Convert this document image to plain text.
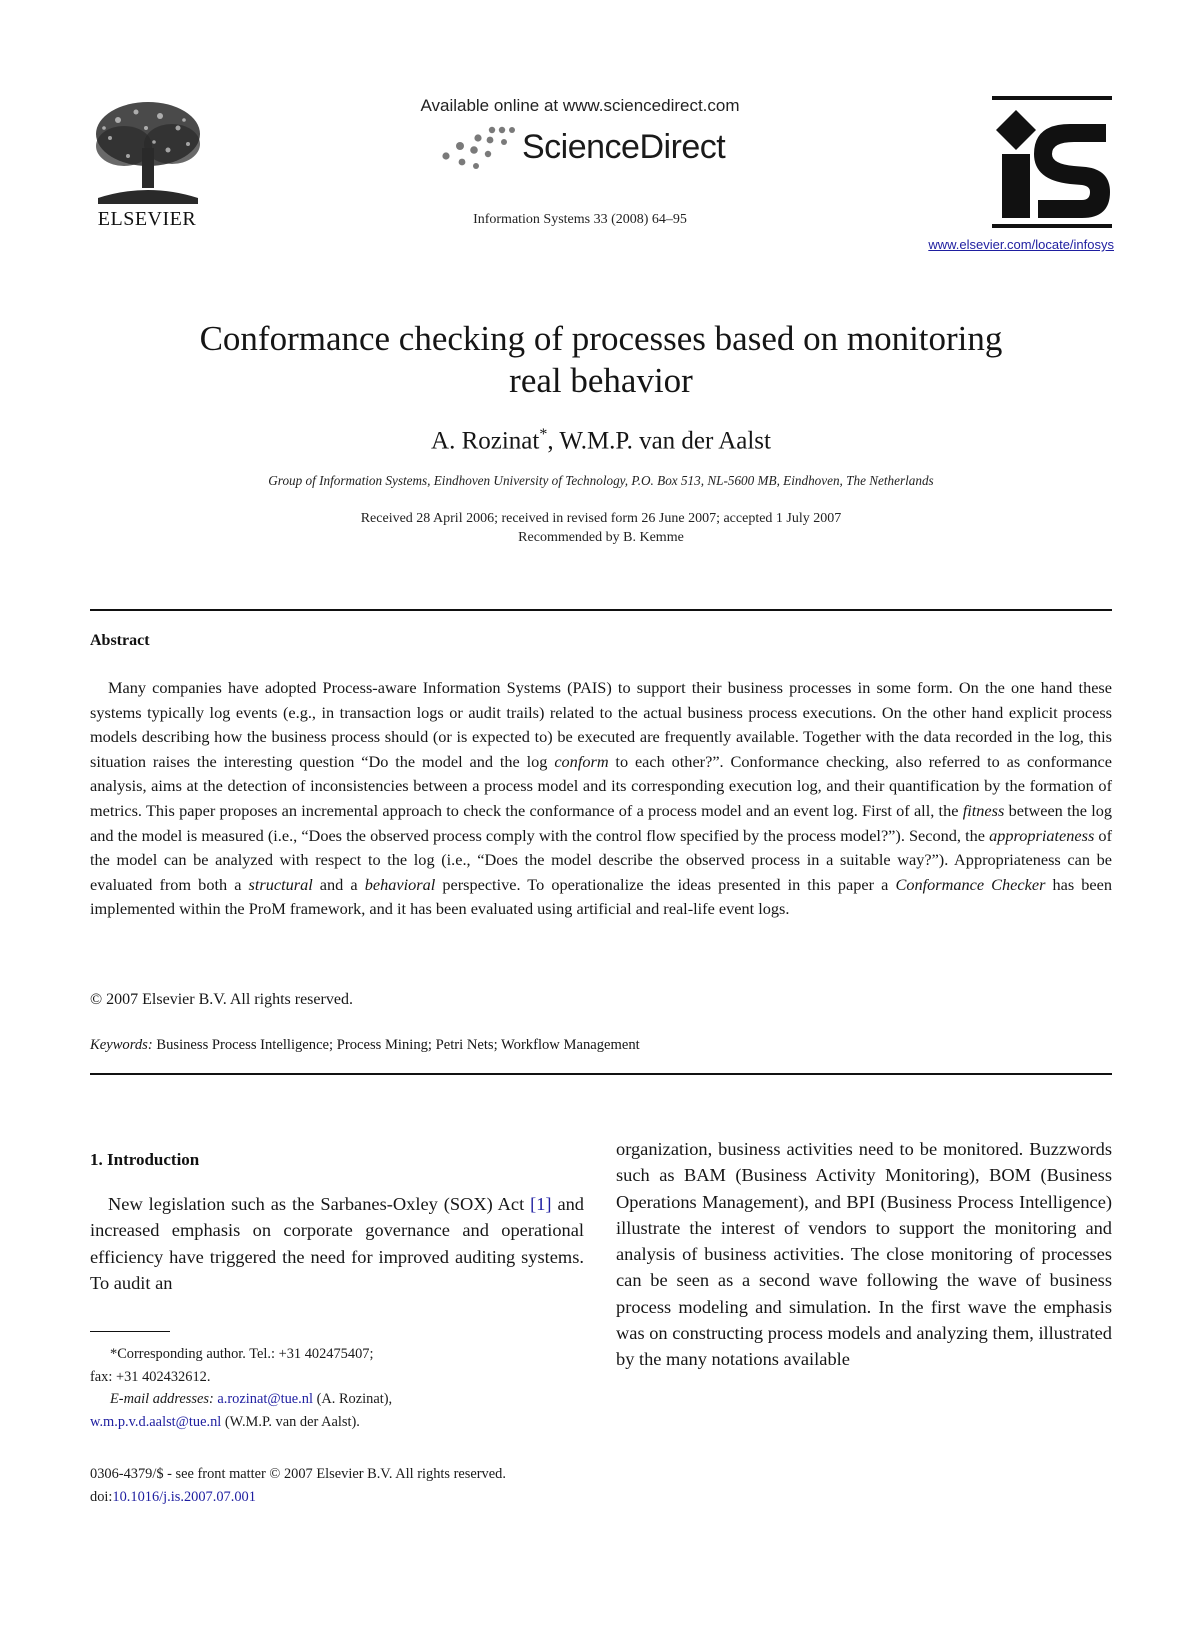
ELSEVIER
Available online at www.sciencedirect.com
ScienceDirect
Information Systems 33 (2008) 64–95
www.elsevier.com/locate/infosys
Conformance checking of processes based on monitoring
real behavior
A. Rozinat*, W.M.P. van der Aalst
Group of Information Systems, Eindhoven University of Technology, P.O. Box 513, NL-5600 MB, Eindhoven, The Netherlands
Received 28 April 2006; received in revised form 26 June 2007; accepted 1 July 2007
Recommended by B. Kemme
Abstract
Many companies have adopted Process-aware Information Systems (PAIS) to support their business processes in some form. On the one hand these systems typically log events (e.g., in transaction logs or audit trails) related to the actual business process executions. On the other hand explicit process models describing how the business process should (or is expected to) be executed are frequently available. Together with the data recorded in the log, this situation raises the interesting question “Do the model and the log conform to each other?”. Conformance checking, also referred to as conformance analysis, aims at the detection of inconsistencies between a process model and its corresponding execution log, and their quantification by the formation of metrics. This paper proposes an incremental approach to check the conformance of a process model and an event log. First of all, the fitness between the log and the model is measured (i.e., “Does the observed process comply with the control flow specified by the process model?”). Second, the appropriateness of the model can be analyzed with respect to the log (i.e., “Does the model describe the observed process in a suitable way?”). Appropriateness can be evaluated from both a structural and a behavioral perspective. To operationalize the ideas presented in this paper a Conformance Checker has been implemented within the ProM framework, and it has been evaluated using artificial and real-life event logs.
© 2007 Elsevier B.V. All rights reserved.
Keywords: Business Process Intelligence; Process Mining; Petri Nets; Workflow Management
1. Introduction
New legislation such as the Sarbanes-Oxley (SOX) Act [1] and increased emphasis on corporate governance and operational efficiency have triggered the need for improved auditing systems. To audit an
organization, business activities need to be monitored. Buzzwords such as BAM (Business Activity Monitoring), BOM (Business Operations Management), and BPI (Business Process Intelligence) illustrate the interest of vendors to support the monitoring and analysis of business activities. The close monitoring of processes can be seen as a second wave following the wave of business process modeling and simulation. In the first wave the emphasis was on constructing process models and analyzing them, illustrated by the many notations available
*Corresponding author. Tel.: +31 402475407;
fax: +31 402432612.
E-mail addresses: a.rozinat@tue.nl (A. Rozinat),
w.m.p.v.d.aalst@tue.nl (W.M.P. van der Aalst).
0306-4379/$ - see front matter © 2007 Elsevier B.V. All rights reserved.
doi:10.1016/j.is.2007.07.001
